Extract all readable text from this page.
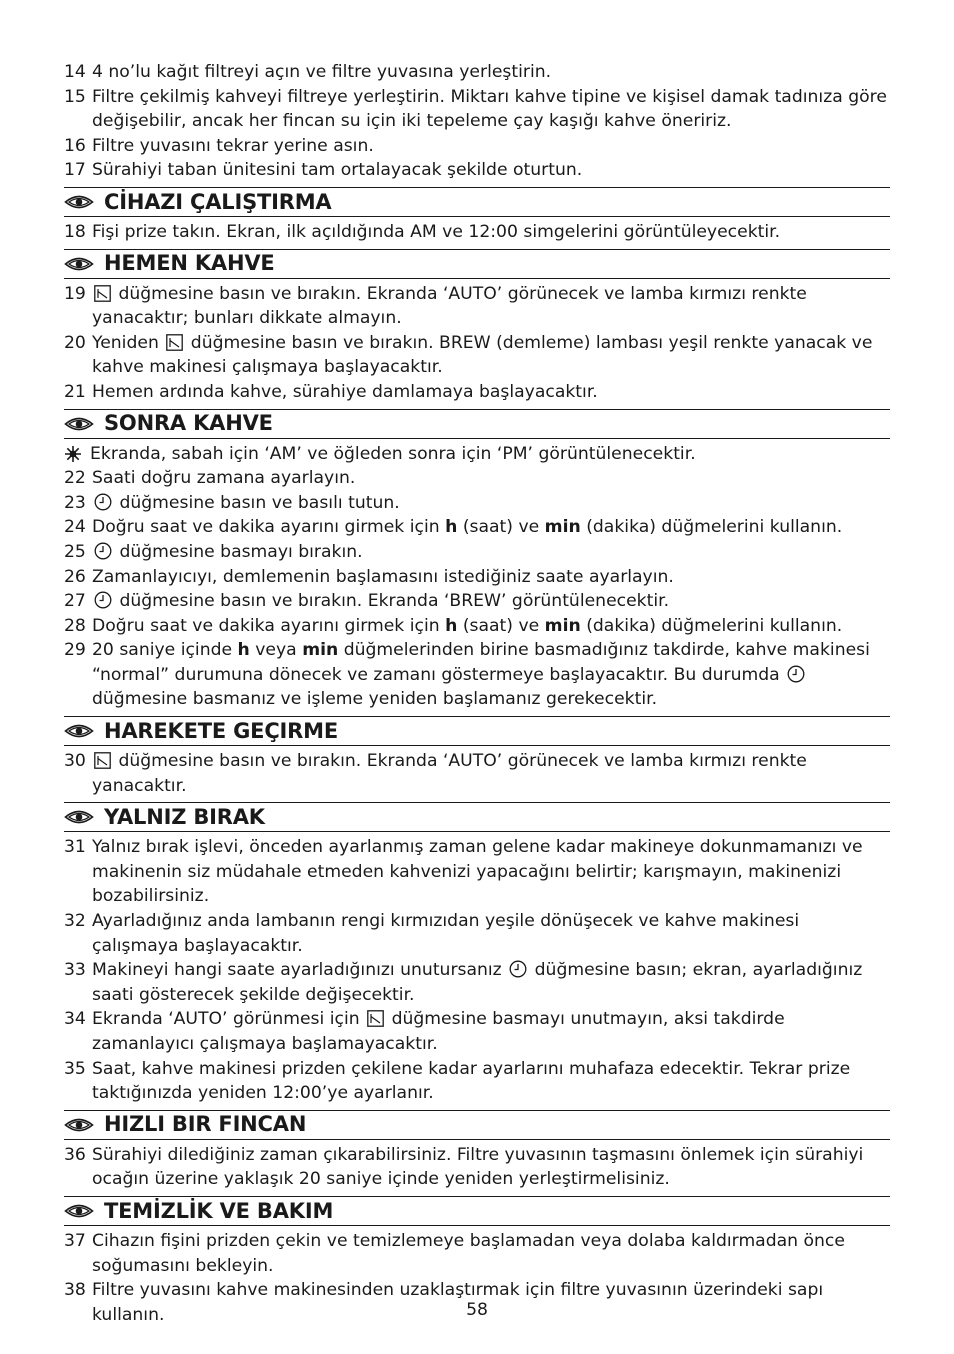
14 4 no’lu kağıt filtreyi açın ve filtre yuvasına yerleştirin.
15 Filtre çekilmiş kahveyi filtreye yerleştirin. Miktarı kahve tipine ve kişisel damak tadınıza göre değişebilir, ancak her fincan su için iki tepeleme çay kaşığı kahve öneririz.
16 Filtre yuvasını tekrar yerine asın.
17 Sürahiyi taban ünitesini tam ortalayacak şekilde oturtun.
CİHAZI ÇALIŞTIRMA
18 Fişi prize takın. Ekran, ilk açıldığında AM ve 12:00 simgelerini görüntüleyecektir.
HEMEN KAHVE
19 düğmesine basın ve bırakın. Ekranda ‘AUTO’ görünecek ve lamba kırmızı renkte yanacaktır; bunları dikkate almayın.
20 Yeniden düğmesine basın ve bırakın. BREW (demleme) lambası yeşil renkte yanacak ve kahve makinesi çalışmaya başlayacaktır.
21 Hemen ardında kahve, sürahiye damlamaya başlayacaktır.
SONRA KAHVE
Ekranda, sabah için ‘AM’ ve öğleden sonra için ‘PM’ görüntülenecektir.
22 Saati doğru zamana ayarlayın.
23 düğmesine basın ve basılı tutun.
24 Doğru saat ve dakika ayarını girmek için h (saat) ve min (dakika) düğmelerini kullanın.
25 düğmesine basmayı bırakın.
26 Zamanlayıcıyı, demlemenin başlamasını istediğiniz saate ayarlayın.
27 düğmesine basın ve bırakın. Ekranda ‘BREW’ görüntülenecektir.
28 Doğru saat ve dakika ayarını girmek için h (saat) ve min (dakika) düğmelerini kullanın.
29 20 saniye içinde h veya min düğmelerinden birine basmadığınız takdirde, kahve makinesi “normal” durumuna dönecek ve zamanı göstermeye başlayacaktır. Bu durumda  düğmesine basmanız ve işleme yeniden başlamanız gerekecektir.
HAREKETE GEÇIRME
30 düğmesine basın ve bırakın. Ekranda ‘AUTO’ görünecek ve lamba kırmızı renkte yanacaktır.
YALNIZ BIRAK
31 Yalnız bırak işlevi, önceden ayarlanmış zaman gelene kadar makineye dokunmamanızı ve makinenin siz müdahale etmeden kahvenizi yapacağını belirtir; karışmayın, makinenizi bozabilirsiniz.
32 Ayarladığınız anda lambanın rengi kırmızıdan yeşile dönüşecek ve kahve makinesi çalışmaya başlayacaktır.
33 Makineyi hangi saate ayarladığınızı unutursanız düğmesine basın; ekran, ayarladığınız saati gösterecek şekilde değişecektir.
34 Ekranda ‘AUTO’ görünmesi için düğmesine basmayı unutmayın, aksi takdirde zamanlayıcı çalışmaya başlamayacaktır.
35 Saat, kahve makinesi prizden çekilene kadar ayarlarını muhafaza edecektir. Tekrar prize taktığınızda yeniden 12:00’ye ayarlanır.
HIZLI BIR FINCAN
36 Sürahiyi dilediğiniz zaman çıkarabilirsiniz. Filtre yuvasının taşmasını önlemek için sürahiyi ocağın üzerine yaklaşık 20 saniye içinde yeniden yerleştirmelisiniz.
TEMİZLİK VE BAKIM
37 Cihazın fişini prizden çekin ve temizlemeye başlamadan veya dolaba kaldırmadan önce soğumasını bekleyin.
38 Filtre yuvasını kahve makinesinden uzaklaştırmak için filtre yuvasının üzerindeki sapı kullanın.	58
